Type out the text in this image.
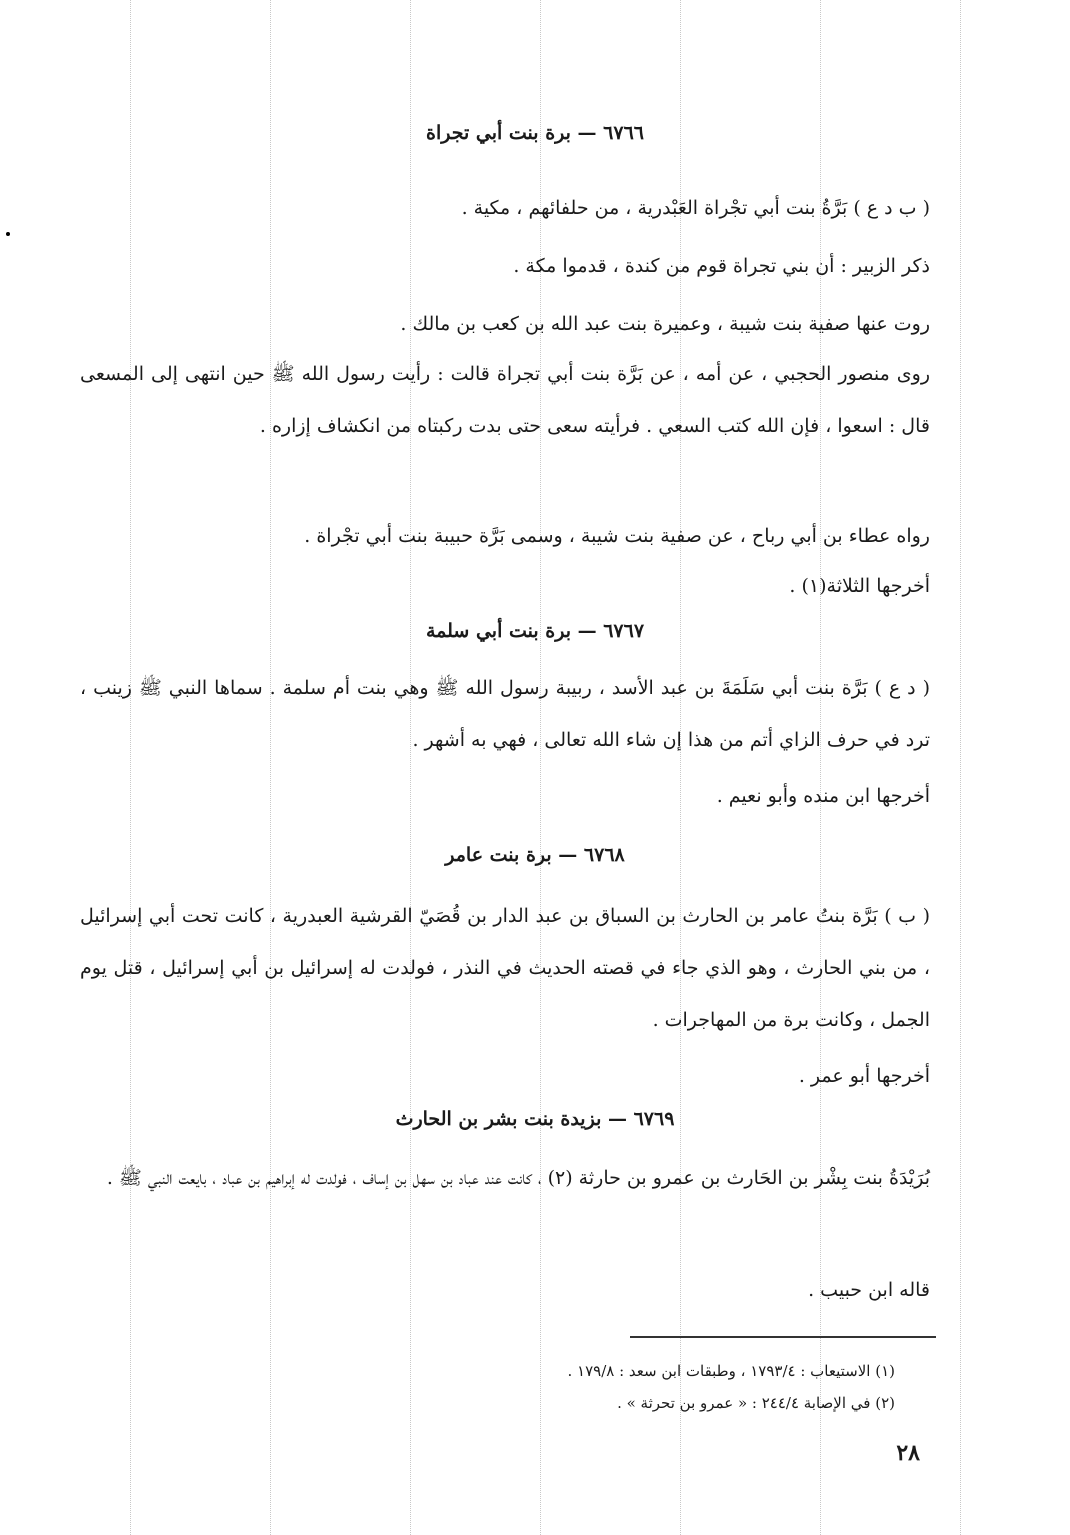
٦٧٦٦ — برة بنت أبي تجراة
( ب د ع ) بَرَّةُ بنت أبي تجْراة العَبْدرية ، من حلفائهم ، مكية .
ذكر الزبير : أن بني تجراة قوم من كندة ، قدموا مكة .
روت عنها صفية بنت شيبة ، وعميرة بنت عبد الله بن كعب بن مالك .
روى منصور الحجبي ، عن أمه ، عن بَرَّة بنت أبي تجراة قالت : رأيت رسول الله ﷺ حين انتهى إلى المسعى قال : اسعوا ، فإن الله كتب السعي . فرأيته سعى حتى بدت ركبتاه من انكشاف إزاره .
رواه عطاء بن أبي رباح ، عن صفية بنت شيبة ، وسمى بَرَّة حبيبة بنت أبي تجْراة .
أخرجها الثلاثة(١) .
٦٧٦٧ — برة بنت أبي سلمة
( د ع ) بَرَّة بنت أبي سَلَمَةَ بن عبد الأسد ، ربيبة رسول الله ﷺ وهي بنت أم سلمة . سماها النبي ﷺ زينب ، ترد في حرف الزاي أتم من هذا إن شاء الله تعالى ، فهي به أشهر .
أخرجها ابن منده وأبو نعيم .
٦٧٦٨ — برة بنت عامر
( ب ) بَرَّة بنتُ عامر بن الحارث بن السباق بن عبد الدار بن قُصَيّ القرشية العبدرية ، كانت تحت أبي إسرائيل ، من بني الحارث ، وهو الذي جاء في قصته الحديث في النذر ، فولدت له إسرائيل بن أبي إسرائيل ، قتل يوم الجمل ، وكانت برة من المهاجرات .
أخرجها أبو عمر .
٦٧٦٩ — بزيدة بنت بشر بن الحارث
بُرَيْدَةُ بنت بِشْر بن الحَارث بن عمرو بن حارثة (٢) ، كانت عند عباد بن سهل بن إساف ، فولدت له إبراهيم بن عباد ، بايعت النبي ﷺ .
قاله ابن حبيب .
(١) الاستيعاب : ١٧٩٣/٤ ، وطبقات ابن سعد : ١٧٩/٨ .
(٢) في الإصابة ٢٤٤/٤ : « عمرو بن تحرثة » .
٢٨
